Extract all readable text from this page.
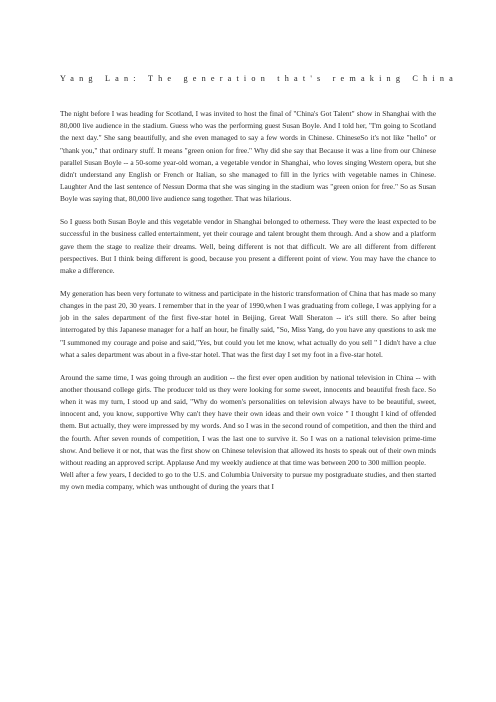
Yang Lan: The generation that's remaking China

The night before I was heading for Scotland, I was invited to host the final of "China's Got Talent" show in Shanghai with the 80,000 live audience in the stadium. Guess who was the performing guest Susan Boyle. And I told her, "I'm going to Scotland the next day." She sang beautifully, and she even managed to say a few words in Chinese. ChineseSo it's not like "hello" or "thank you," that ordinary stuff. It means "green onion for free." Why did she say that Because it was a line from our Chinese parallel Susan Boyle -- a 50-some year-old woman, a vegetable vendor in Shanghai, who loves singing Western opera, but she didn't understand any English or French or Italian, so she managed to fill in the lyrics with vegetable names in Chinese. Laughter And the last sentence of Nessun Dorma that she was singing in the stadium was "green onion for free." So as Susan Boyle was saying that, 80,000 live audience sang together. That was hilarious.

So I guess both Susan Boyle and this vegetable vendor in Shanghai belonged to otherness. They were the least expected to be successful in the business called entertainment, yet their courage and talent brought them through. And a show and a platform gave them the stage to realize their dreams. Well, being different is not that difficult. We are all different from different perspectives. But I think being different is good, because you present a different point of view. You may have the chance to make a difference.

My generation has been very fortunate to witness and participate in the historic transformation of China that has made so many changes in the past 20, 30 years. I remember that in the year of 1990,when I was graduating from college, I was applying for a job in the sales department of the first five-star hotel in Beijing, Great Wall Sheraton -- it's still there. So after being interrogated by this Japanese manager for a half an hour, he finally said, "So, Miss Yang, do you have any questions to ask me "I summoned my courage and poise and said,"Yes, but could you let me know, what actually do you sell " I didn't have a clue what a sales department was about in a five-star hotel. That was the first day I set my foot in a five-star hotel.

Around the same time, I was going through an audition -- the first ever open audition by national television in China -- with another thousand college girls. The producer told us they were looking for some sweet, innocents and beautiful fresh face. So when it was my turn, I stood up and said, "Why do women's personalities on television always have to be beautiful, sweet, innocent and, you know, supportive Why can't they have their own ideas and their own voice " I thought I kind of offended them. But actually, they were impressed by my words. And so I was in the second round of competition, and then the third and the fourth. After seven rounds of competition, I was the last one to survive it. So I was on a national television prime-time show. And believe it or not, that was the first show on Chinese television that allowed its hosts to speak out of their own minds without reading an approved script. Applause And my weekly audience at that time was between 200 to 300 million people.

Well after a few years, I decided to go to the U.S. and Columbia University to pursue my postgraduate studies, and then started my own media company, which was unthought of during the years that I
